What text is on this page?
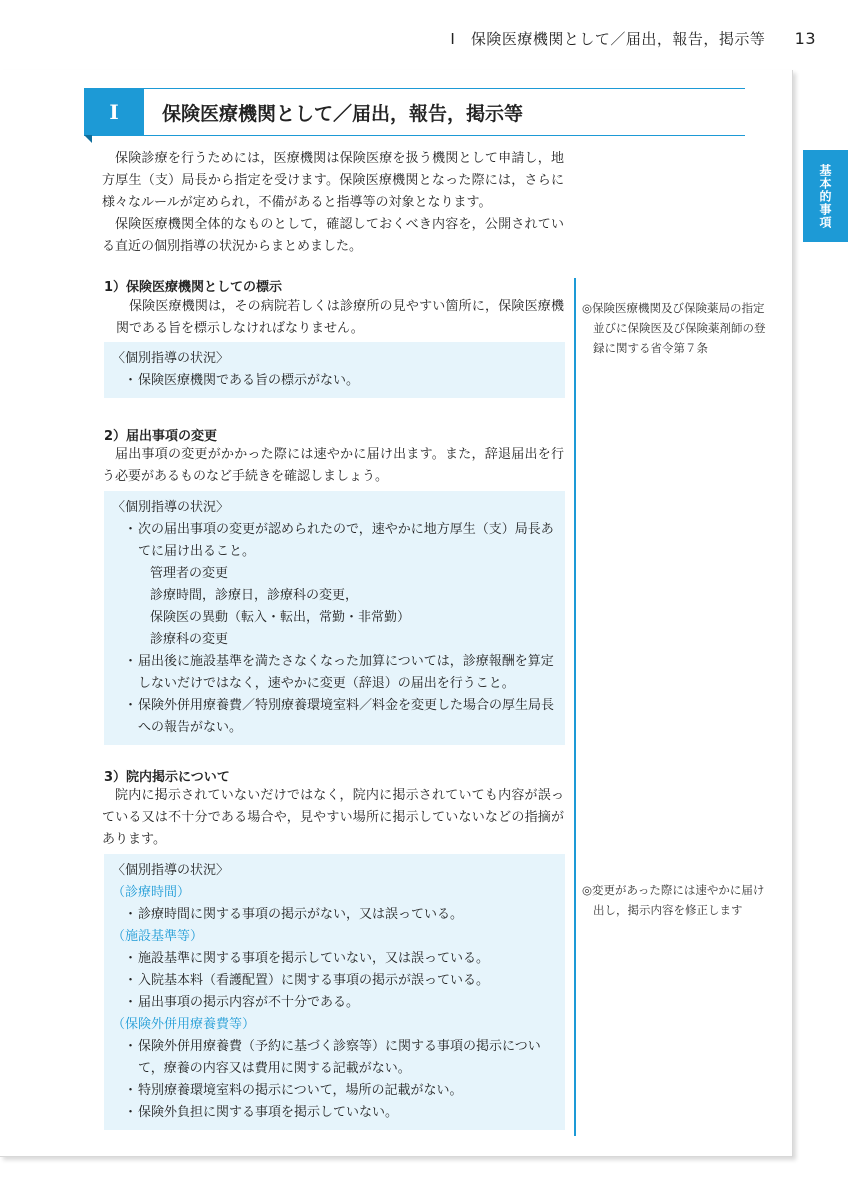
Ⅰ　保険医療機関として／届出，報告，掲示等 13
基本的事項
Ⅰ	保険医療機関として／届出，報告，掲示等

保険診療を行うためには，医療機関は保険医療を扱う機関として申請し，地方厚生（支）局長から指定を受けます。保険医療機関となった際には，さらに様々なルールが定められ，不備があると指導等の対象となります。

保険医療機関全体的なものとして，確認しておくべき内容を，公開されている直近の個別指導の状況からまとめました。

1）保険医療機関としての標示

保険医療機関は，その病院若しくは診療所の見やすい箇所に，保険医療機関である旨を標示しなければなりません。

〈個別指導の状況〉

・ 保険医療機関である旨の標示がない。

2）届出事項の変更

届出事項の変更がかかった際には速やかに届け出ます。また，辞退届出を行う必要があるものなど手続きを確認しましょう。

〈個別指導の状況〉

・ 次の届出事項の変更が認められたので，速やかに地方厚生（支）局長あてに届け出ること。

管理者の変更

診療時間，診療日，診療科の変更，

保険医の異動（転入・転出，常勤・非常勤）

診療科の変更

・ 届出後に施設基準を満たさなくなった加算については，診療報酬を算定しないだけではなく，速やかに変更（辞退）の届出を行うこと。
・ 保険外併用療養費／特別療養環境室料／料金を変更した場合の厚生局長への報告がない。

3）院内掲示について

院内に掲示されていないだけではなく，院内に掲示されていても内容が誤っている又は不十分である場合や，見やすい場所に掲示していないなどの指摘があります。

〈個別指導の状況〉

（診療時間）

・ 診療時間に関する事項の掲示がない，又は誤っている。

（施設基準等）

・ 施設基準に関する事項を掲示していない，又は誤っている。
・ 入院基本料（看護配置）に関する事項の掲示が誤っている。
・ 届出事項の掲示内容が不十分である。

（保険外併用療養費等）

・ 保険外併用療養費（予約に基づく診察等）に関する事項の掲示について，療養の内容又は費用に関する記載がない。
・ 特別療養環境室料の掲示について，場所の記載がない。
・ 保険外負担に関する事項を掲示していない。

◎保険医療機関及び保険薬局の指定並びに保険医及び保険薬剤師の登録に関する省令第７条

◎変更があった際には速やかに届け出し，掲示内容を修正します
